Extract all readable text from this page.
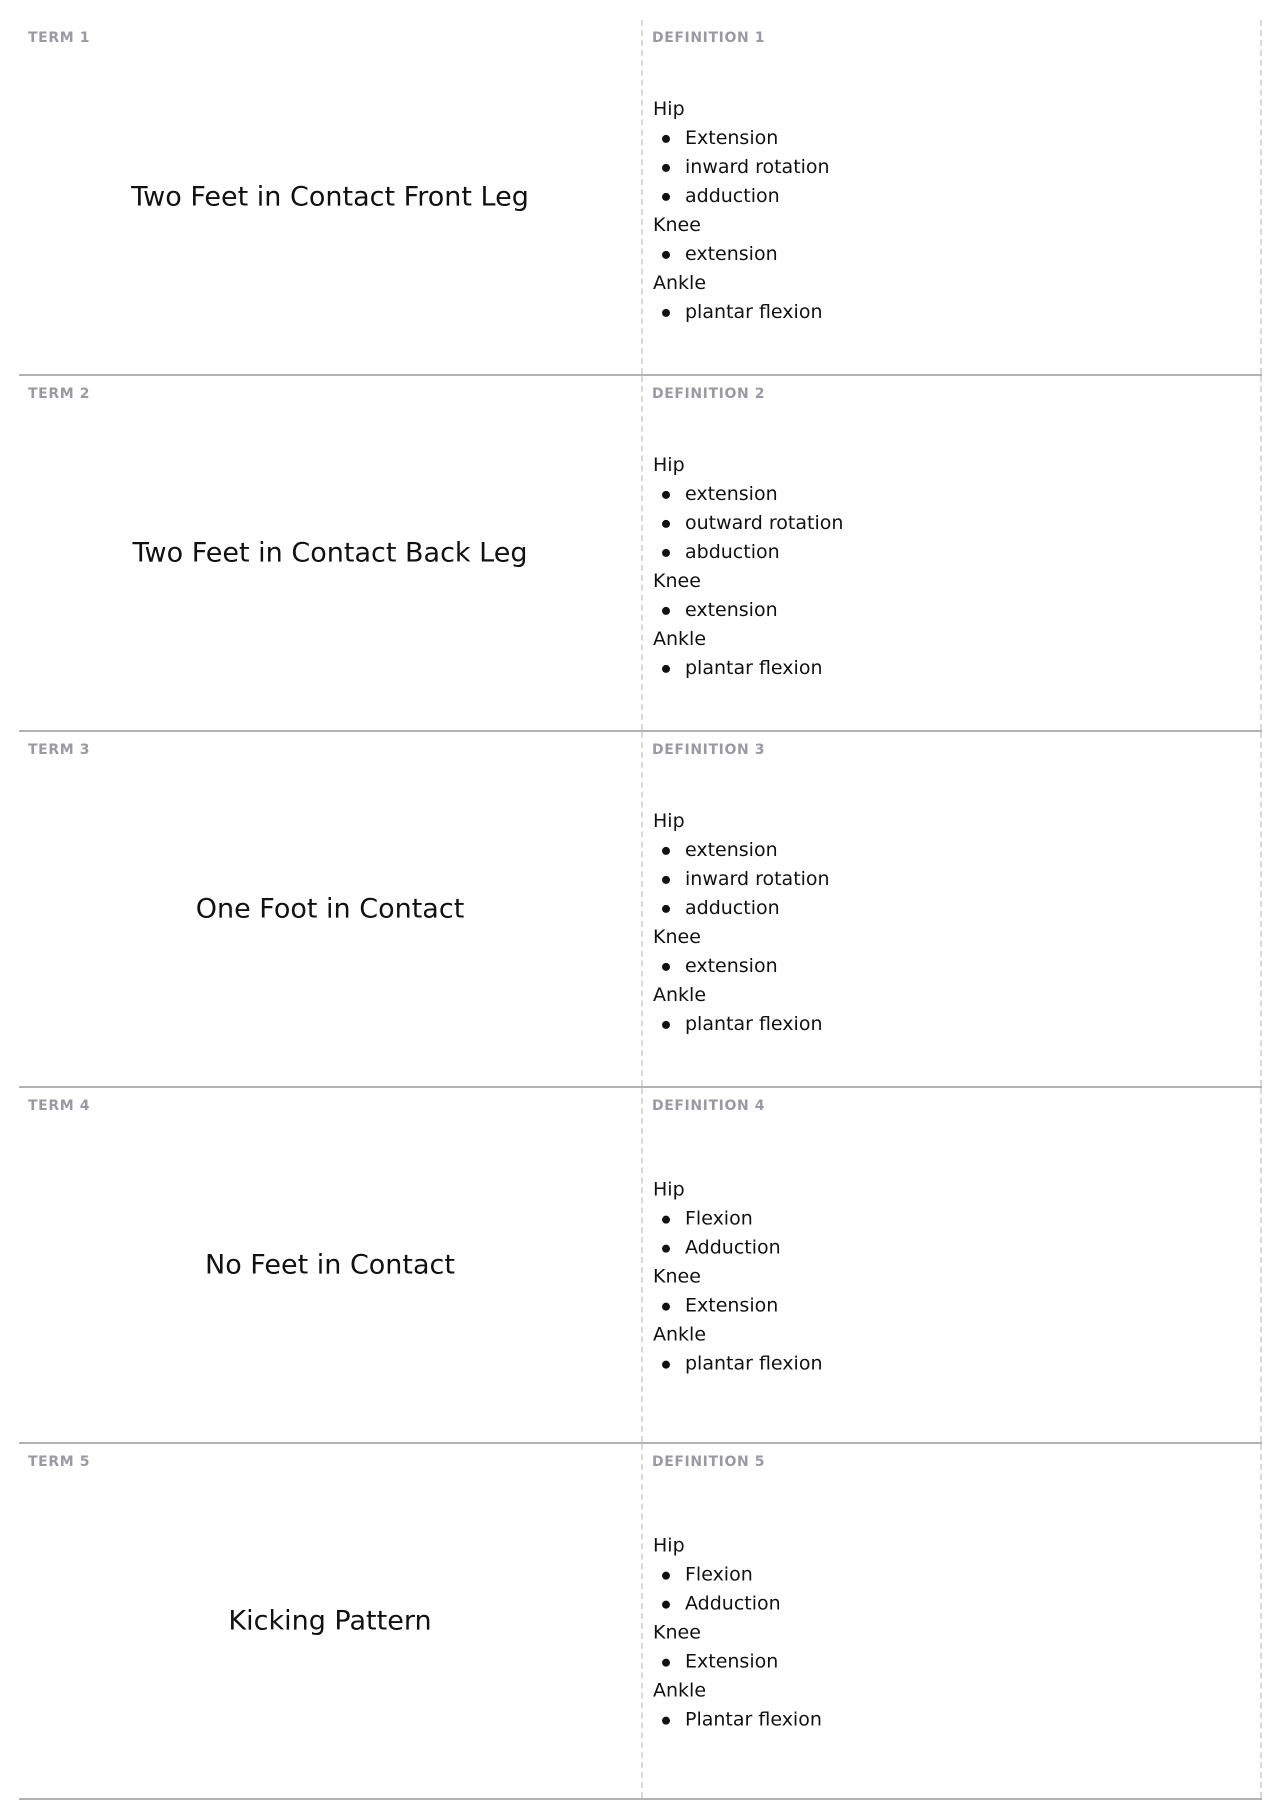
TERM 1
Two Feet in Contact Front Leg
DEFINITION 1
Hip
Extension
inward rotation
adduction
Knee
extension
Ankle
plantar flexion
TERM 2
Two Feet in Contact Back Leg
DEFINITION 2
Hip
extension
outward rotation
abduction
Knee
extension
Ankle
plantar flexion
TERM 3
One Foot in Contact
DEFINITION 3
Hip
extension
inward rotation
adduction
Knee
extension
Ankle
plantar flexion
TERM 4
No Feet in Contact
DEFINITION 4
Hip
Flexion
Adduction
Knee
Extension
Ankle
plantar flexion
TERM 5
Kicking Pattern
DEFINITION 5
Hip
Flexion
Adduction
Knee
Extension
Ankle
Plantar flexion
